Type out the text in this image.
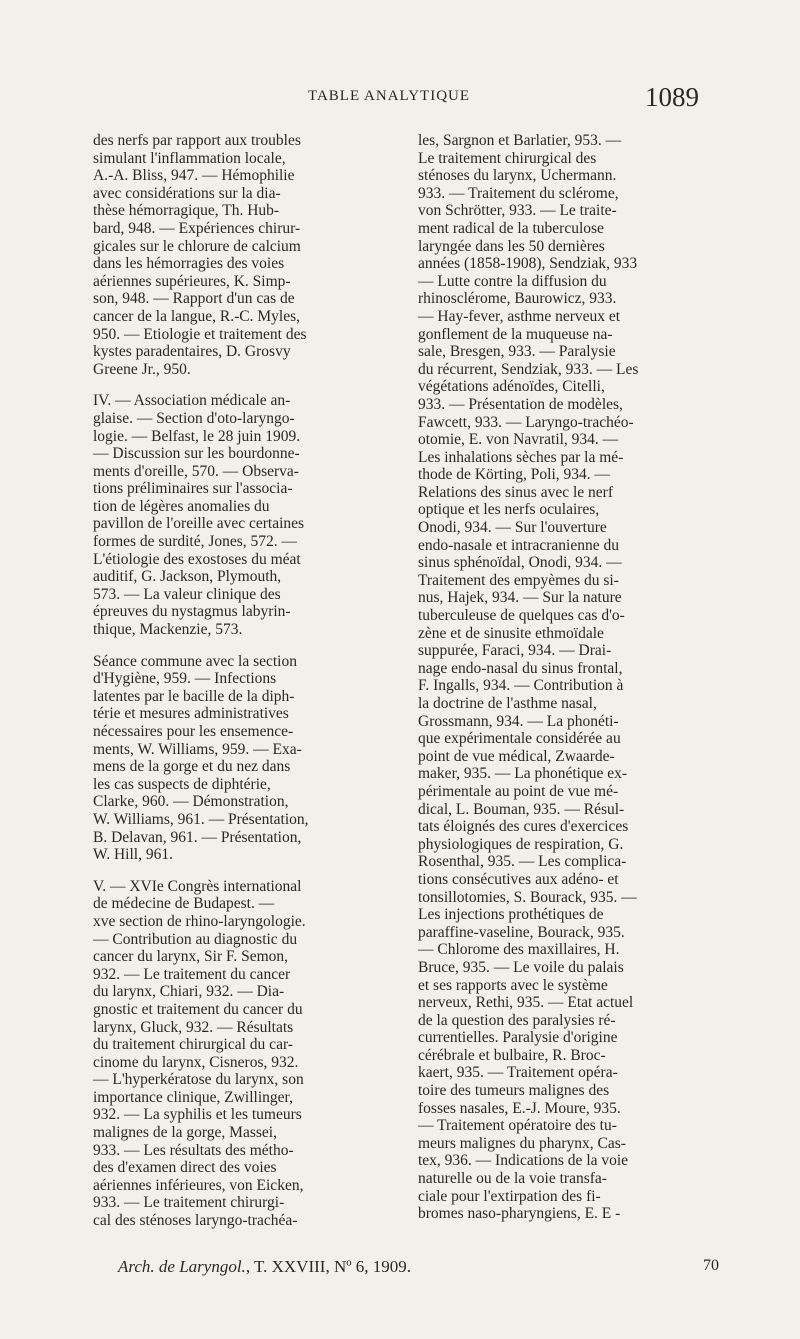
TABLE ANALYTIQUE	1089
des nerfs par rapport aux troubles
simulant l'inflammation locale,
A.-A. Bliss, 947. — Hémophilie
avec considérations sur la dia-
thèse hémorragique, Th. Hub-
bard, 948. — Expériences chirur-
gicales sur le chlorure de calcium
dans les hémorragies des voies
aériennes supérieures, K. Simp-
son, 948. — Rapport d'un cas de
cancer de la langue, R.-C. Myles,
950. — Etiologie et traitement des
kystes paradentaires, D. Grosvy
Greene Jr., 950.
IV. — Association médicale an-
glaise. — Section d'oto-laryngo-
logie. — Belfast, le 28 juin 1909.
— Discussion sur les bourdonne-
ments d'oreille, 570. — Observa-
tions préliminaires sur l'associa-
tion de légères anomalies du
pavillon de l'oreille avec certaines
formes de surdité, Jones, 572. —
L'étiologie des exostoses du méat
auditif, G. Jackson, Plymouth,
573. — La valeur clinique des
épreuves du nystagmus labyrin-
thique, Mackenzie, 573.
Séance commune avec la section
d'Hygiène, 959. — Infections
latentes par le bacille de la diph-
térie et mesures administratives
nécessaires pour les ensemence-
ments, W. Williams, 959. — Exa-
mens de la gorge et du nez dans
les cas suspects de diphtérie,
Clarke, 960. — Démonstration,
W. Williams, 961. — Présentation,
B. Delavan, 961. — Présentation,
W. Hill, 961.
V. — XVIe Congrès international
de médecine de Budapest. —
xve section de rhino-laryngologie.
— Contribution au diagnostic du
cancer du larynx, Sir F. Semon,
932. — Le traitement du cancer
du larynx, Chiari, 932. — Dia-
gnostic et traitement du cancer du
larynx, Gluck, 932. — Résultats
du traitement chirurgical du car-
cinome du larynx, Cisneros, 932.
— L'hyperkératose du larynx, son
importance clinique, Zwillinger,
932. — La syphilis et les tumeurs
malignes de la gorge, Massei,
933. — Les résultats des métho-
des d'examen direct des voies
aériennes inférieures, von Eicken,
933. — Le traitement chirurgi-
cal des sténoses laryngo-trachéa-
les, Sargnon et Barlatier, 953. —
Le traitement chirurgical des
sténoses du larynx, Uchermann.
933. — Traitement du sclérome,
von Schrötter, 933. — Le traite-
ment radical de la tuberculose
laryngée dans les 50 dernières
années (1858-1908), Sendziak, 933
— Lutte contre la diffusion du
rhinosclérome, Baurowicz, 933.
— Hay-fever, asthme nerveux et
gonflement de la muqueuse na-
sale, Bresgen, 933. — Paralysie
du récurrent, Sendziak, 933. — Les
végétations adénoïdes, Citelli,
933. — Présentation de modèles,
Fawcett, 933. — Laryngo-trachéo-
otomie, E. von Navratil, 934. —
Les inhalations sèches par la mé-
thode de Körting, Poli, 934. —
Relations des sinus avec le nerf
optique et les nerfs oculaires,
Onodi, 934. — Sur l'ouverture
endo-nasale et intracranienne du
sinus sphénoïdal, Onodi, 934. —
Traitement des empyèmes du si-
nus, Hajek, 934. — Sur la nature
tuberculeuse de quelques cas d'o-
zène et de sinusite ethmoïdale
suppurée, Faraci, 934. — Drai-
nage endo-nasal du sinus frontal,
F. Ingalls, 934. — Contribution à
la doctrine de l'asthme nasal,
Grossmann, 934. — La phonéti-
que expérimentale considérée au
point de vue médical, Zwaarde-
maker, 935. — La phonétique ex-
périmentale au point de vue mé-
dical, L. Bouman, 935. — Résul-
tats éloignés des cures d'exercices
physiologiques de respiration, G.
Rosenthal, 935. — Les complica-
tions consécutives aux adéno- et
tonsillotomies, S. Bourack, 935. —
Les injections prothétiques de
paraffine-vaseline, Bourack, 935.
— Chlorome des maxillaires, H.
Bruce, 935. — Le voile du palais
et ses rapports avec le système
nerveux, Rethi, 935. — Etat actuel
de la question des paralysies ré-
currentielles. Paralysie d'origine
cérébrale et bulbaire, R. Broc-
kaert, 935. — Traitement opéra-
toire des tumeurs malignes des
fosses nasales, E.-J. Moure, 935.
— Traitement opératoire des tu-
meurs malignes du pharynx, Cas-
tex, 936. — Indications de la voie
naturelle ou de la voie transfa-
ciale pour l'extirpation des fi-
bromes naso-pharyngiens, E. E -
Arch. de Laryngol., T. XXVIII, Nº 6, 1909.	70
